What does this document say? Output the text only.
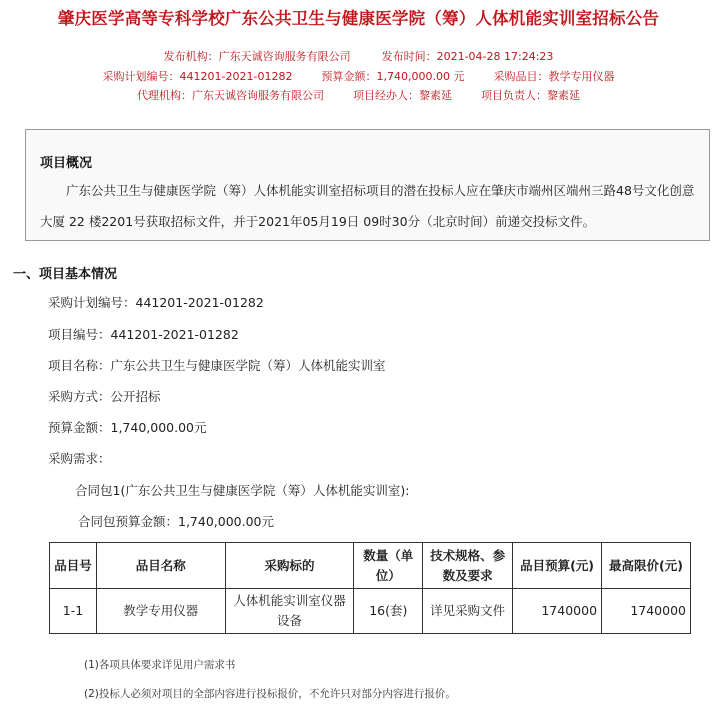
肇庆医学高等专科学校广东公共卫生与健康医学院（筹）人体机能实训室招标公告
发布机构：广东天诚咨询服务有限公司	发布时间：2021-04-28 17:24:23
采购计划编号：441201-2021-01282	预算金额：1,740,000.00 元	采购品目：教学专用仪器
代理机构：广东天诚咨询服务有限公司	项目经办人：黎素延	项目负责人：黎素延
项目概况
广东公共卫生与健康医学院（筹）人体机能实训室招标项目的潜在投标人应在肇庆市端州区端州三路48号文化创意大厦 22 楼2201号获取招标文件，并于2021年05月19日 09时30分（北京时间）前递交投标文件。
一、项目基本情况
采购计划编号：441201-2021-01282
项目编号：441201-2021-01282
项目名称：广东公共卫生与健康医学院（筹）人体机能实训室
采购方式：公开招标
预算金额：1,740,000.00元
采购需求：
合同包1(广东公共卫生与健康医学院（筹）人体机能实训室):
合同包预算金额：1,740,000.00元
品目号	品目名称	采购标的	数量（单位）	技术规格、参数及要求	品目预算(元)	最高限价(元)
1-1	教学专用仪器	人体机能实训室仪器设备	16(套)	详见采购文件	1740000	1740000
(1)各项具体要求详见用户需求书
(2)投标人必须对项目的全部内容进行投标报价，不允许只对部分内容进行报价。
